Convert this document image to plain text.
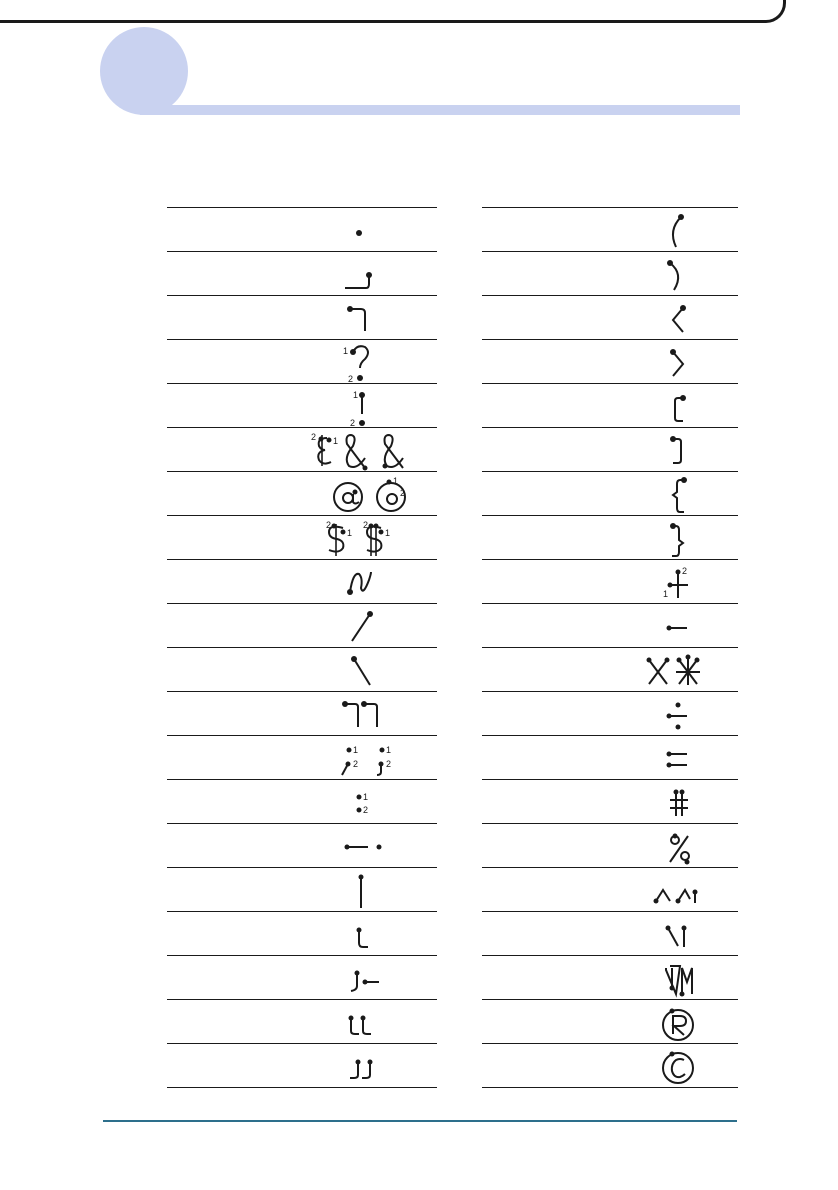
1
2
1
2
2 1
1
2
2
1
2
1
1
2
1
2
1
2
2
1
